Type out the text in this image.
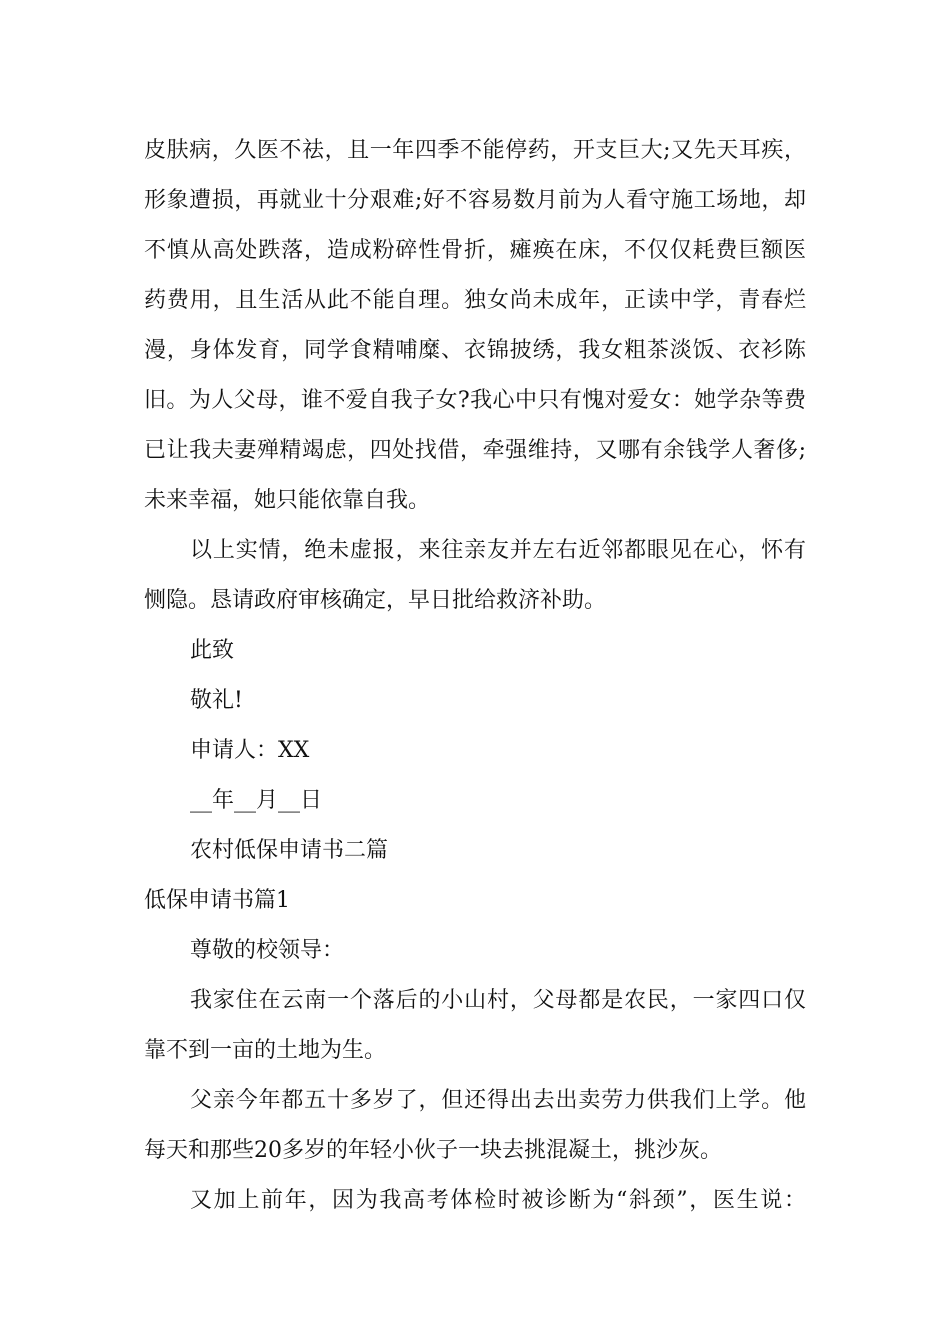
皮肤病，久医不祛，且一年四季不能停药，开支巨大;又先天耳疾，
形象遭损，再就业十分艰难;好不容易数月前为人看守施工场地，却
不慎从高处跌落，造成粉碎性骨折，瘫痪在床，不仅仅耗费巨额医
药费用，且生活从此不能自理。独女尚未成年，正读中学，青春烂
漫，身体发育，同学食精哺糜、衣锦披绣，我女粗茶淡饭、衣衫陈
旧。为人父母，谁不爱自我子女?我心中只有愧对爱女：她学杂等费
已让我夫妻殚精竭虑，四处找借，牵强维持，又哪有余钱学人奢侈;
未来幸福，她只能依靠自我。
以上实情，绝未虚报，来往亲友并左右近邻都眼见在心，怀有
恻隐。恳请政府审核确定，早日批给救济补助。
此致
敬礼!
申请人：XX
__年__月__日
农村低保申请书二篇
低保申请书篇1
尊敬的校领导：
我家住在云南一个落后的小山村，父母都是农民，一家四口仅
靠不到一亩的土地为生。
父亲今年都五十多岁了，但还得出去出卖劳力供我们上学。他
每天和那些20多岁的年轻小伙子一块去挑混凝土，挑沙灰。
又加上前年，因为我高考体检时被诊断为“斜颈”，医生说：
